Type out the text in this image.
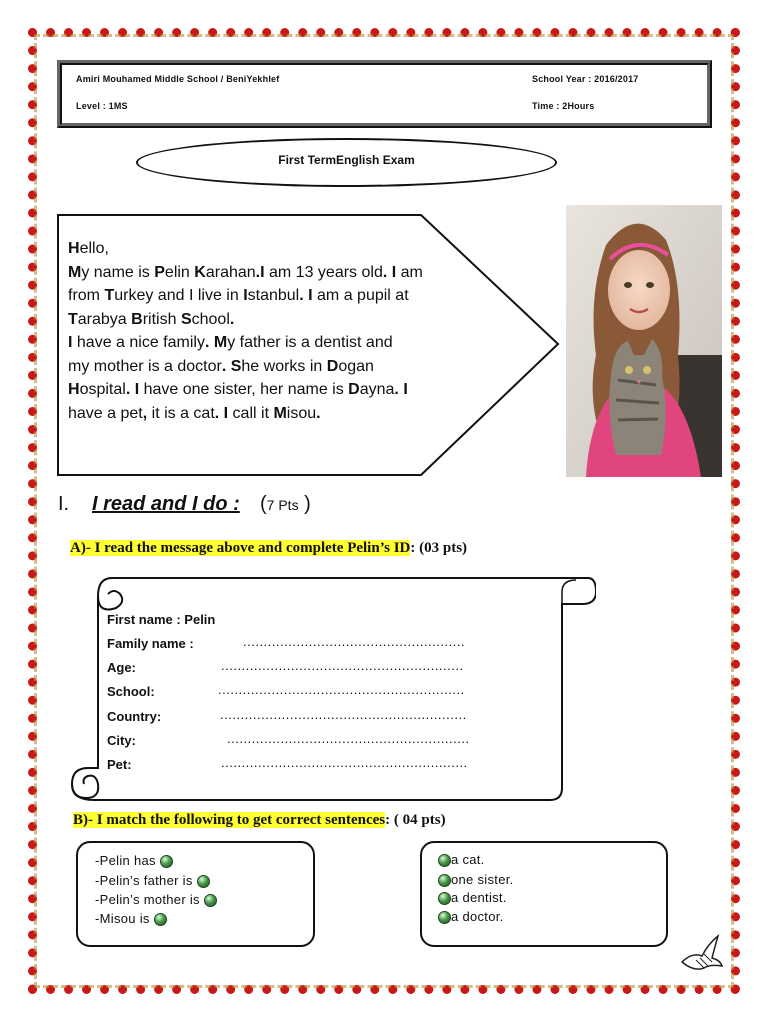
Amiri Mouhamed Middle School / BeniYekhlef	School Year : 2016/2017
Level : 1MS	Time : 2Hours
First TermEnglish Exam

Hello,

My name is Pelin Karahan.I am 13 years old. I am

from Turkey and I live in Istanbul. I am a pupil at

Tarabya British School.

I have a nice family. My father is a dentist and

my mother is a doctor. She works in Dogan

Hospital. I have one sister, her name is Dayna. I

have a pet, it is a cat. I call it Misou.

I. I read and I do : (7 Pts )
A)- I read the message above and complete Pelin’s ID: (03 pts)
First name : Pelin
Family name :	......................................................
Age:	...........................................................
School:	............................................................
Country:	............................................................
City:	...........................................................
Pet:	............................................................
B)- I match the following to get correct sentences: ( 04 pts)
-Pelin has
-Pelin’s father is
-Pelin’s mother is
-Misou is
a cat.
one sister.
a dentist.
a doctor.
